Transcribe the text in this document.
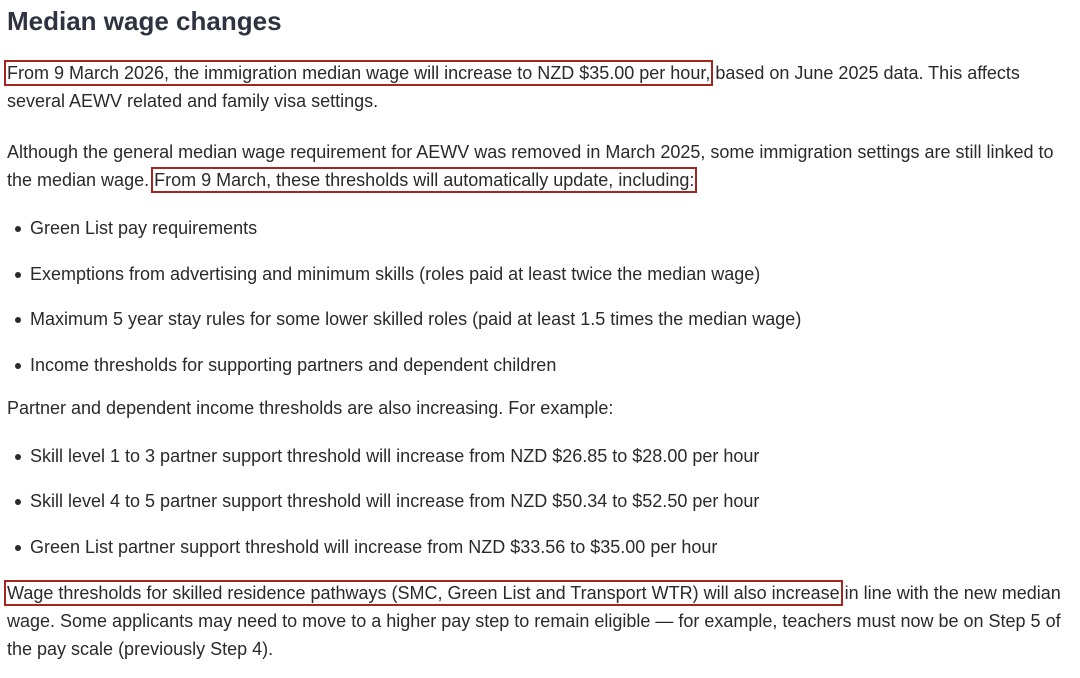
Median wage changes

From 9 March 2026, the immigration median wage will increase to NZD $35.00 per hour, based on June 2025 data. This affects several AEWV related and family visa settings.

Although the general median wage requirement for AEWV was removed in March 2025, some immigration settings are still linked to the median wage. From 9 March, these thresholds will automatically update, including:

Green List pay requirements
Exemptions from advertising and minimum skills (roles paid at least twice the median wage)
Maximum 5 year stay rules for some lower skilled roles (paid at least 1.5 times the median wage)
Income thresholds for supporting partners and dependent children

Partner and dependent income thresholds are also increasing. For example:

Skill level 1 to 3 partner support threshold will increase from NZD $26.85 to $28.00 per hour
Skill level 4 to 5 partner support threshold will increase from NZD $50.34 to $52.50 per hour
Green List partner support threshold will increase from NZD $33.56 to $35.00 per hour

Wage thresholds for skilled residence pathways (SMC, Green List and Transport WTR) will also increase in line with the new median wage. Some applicants may need to move to a higher pay step to remain eligible — for example, teachers must now be on Step 5 of the pay scale (previously Step 4).
